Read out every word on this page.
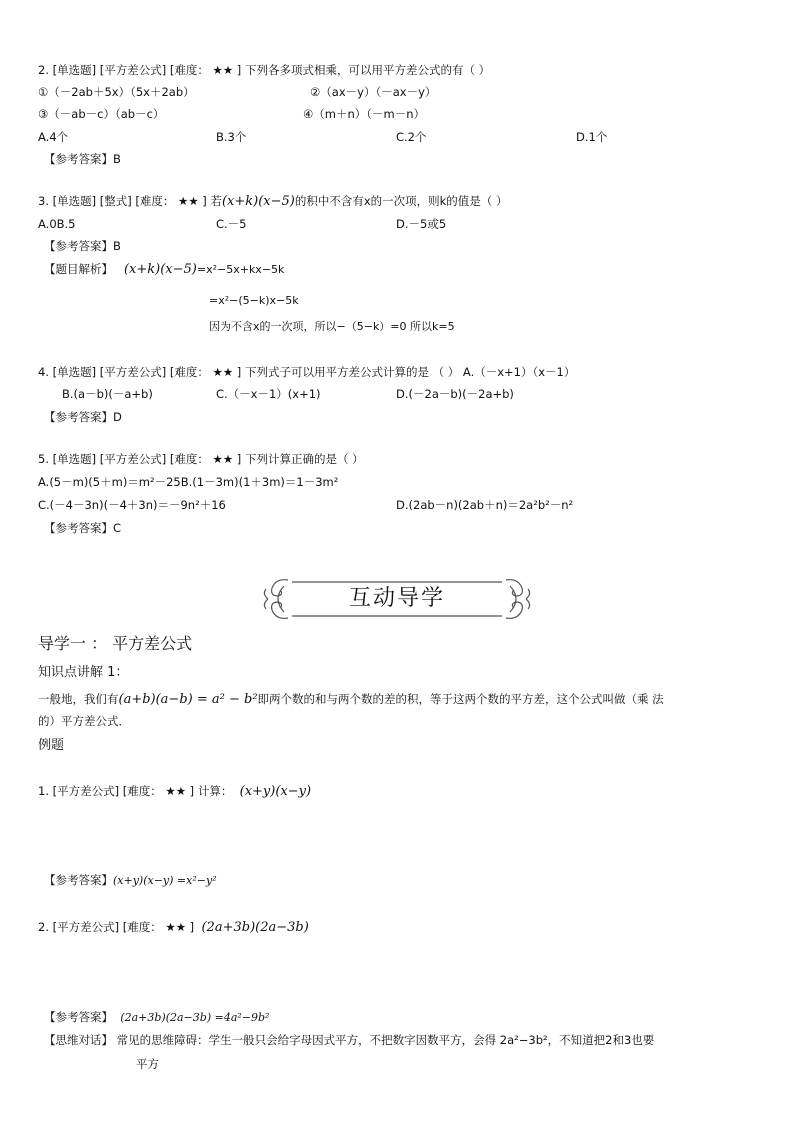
2. [单选题] [平方差公式] [难度： ★★ ] 下列各多项式相乘，可以用平方差公式的有（ ）
①（－2ab＋5x）（5x＋2ab）	②（ax－y）（－ax－y）
③（－ab－c）（ab－c）	④（m＋n）（－m－n）
A.4个	B.3个	C.2个	D.1个
【参考答案】B
3. [单选题] [整式] [难度： ★★ ] 若(x+k)(x−5)的积中不含有x的一次项，则k的值是（ ）
A.0B.5	C.－5	D.－5或5
【参考答案】B
【题目解析】 (x+k)(x−5)=x²−5x+kx−5k
=x²−(5−k)x−5k
因为不含x的一次项，所以−（5−k）=0 所以k=5
4. [单选题] [平方差公式] [难度： ★★ ] 下列式子可以用平方差公式计算的是 （ ） A.（－x+1）（x－1）
B.(a－b)(－a+b)	C.（－x－1）(x+1)	D.(－2a－b)(－2a+b)
【参考答案】D
5. [单选题] [平方差公式] [难度： ★★ ] 下列计算正确的是（ ）
A.(5－m)(5＋m)＝m²－25B.(1－3m)(1＋3m)＝1－3m²
C.(－4－3n)(－4＋3n)＝－9n²＋16	D.(2ab－n)(2ab＋n)＝2a²b²－n²
【参考答案】C
互动导学
导学一 ： 平方差公式
知识点讲解 1：
一般地，我们有(a+b)(a−b) = a² − b²即两个数的和与两个数的差的积，等于这两个数的平方差，这个公式叫做（乘 法
的）平方差公式．
例题
1. [平方差公式] [难度： ★★ ] 计算： (x+y)(x−y)
【参考答案】(x+y)(x−y) =x²−y²
2. [平方差公式] [难度： ★★ ] (2a+3b)(2a−3b)
【参考答案】 (2a+3b)(2a−3b) =4a²−9b²
【思维对话】 常见的思维障碍：学生一般只会给字母因式平方，不把数字因数平方，会得 2a²−3b²，不知道把2和3也要
平方
